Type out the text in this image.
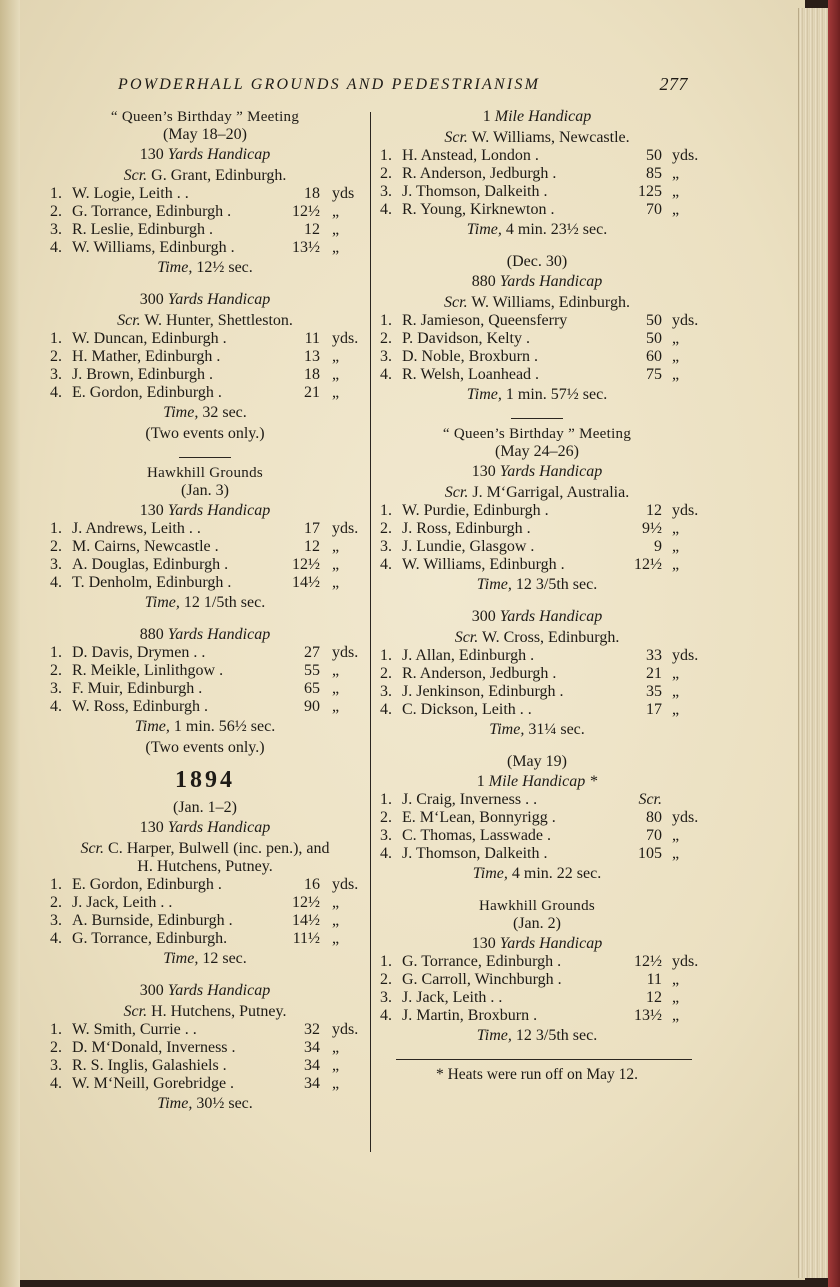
POWDERHALL GROUNDS AND PEDESTRIANISM	277
“ Queen’s Birthday ” Meeting
(May 18–20)
130 Yards Handicap
Scr. G. Grant, Edinburgh.
1. W. Logie, Leith . .	18 yds
2. G. Torrance, Edinburgh .	12½ „
3. R. Leslie, Edinburgh .	12 „
4. W. Williams, Edinburgh .	13½ „
Time, 12½ sec.
300 Yards Handicap
Scr. W. Hunter, Shettleston.
1. W. Duncan, Edinburgh .	11 yds.
2. H. Mather, Edinburgh .	13 „
3. J. Brown, Edinburgh .	18 „
4. E. Gordon, Edinburgh .	21 „
Time, 32 sec.
(Two events only.)
Hawkhill Grounds
(Jan. 3)
130 Yards Handicap
1. J. Andrews, Leith . .	17 yds.
2. M. Cairns, Newcastle .	12 „
3. A. Douglas, Edinburgh .	12½ „
4. T. Denholm, Edinburgh .	14½ „
Time, 12 1/5th sec.
880 Yards Handicap
1. D. Davis, Drymen . .	27 yds.
2. R. Meikle, Linlithgow .	55 „
3. F. Muir, Edinburgh .	65 „
4. W. Ross, Edinburgh .	90 „
Time, 1 min. 56½ sec.
(Two events only.)
1894
(Jan. 1–2)
130 Yards Handicap
Scr. C. Harper, Bulwell (inc. pen.), and
H. Hutchens, Putney.
1. E. Gordon, Edinburgh .	16 yds.
2. J. Jack, Leith . .	12½ „
3. A. Burnside, Edinburgh .	14½ „
4. G. Torrance, Edinburgh.	11½ „
Time, 12 sec.
300 Yards Handicap
Scr. H. Hutchens, Putney.
1. W. Smith, Currie . .	32 yds.
2. D. M‘Donald, Inverness .	34 „
3. R. S. Inglis, Galashiels .	34 „
4. W. M‘Neill, Gorebridge .	34 „
Time, 30½ sec.
1 Mile Handicap
Scr. W. Williams, Newcastle.
1. H. Anstead, London .	50 yds.
2. R. Anderson, Jedburgh .	85 „
3. J. Thomson, Dalkeith .	125 „
4. R. Young, Kirknewton .	70 „
Time, 4 min. 23½ sec.
(Dec. 30)
880 Yards Handicap
Scr. W. Williams, Edinburgh.
1. R. Jamieson, Queensferry	50 yds.
2. P. Davidson, Kelty .	50 „
3. D. Noble, Broxburn .	60 „
4. R. Welsh, Loanhead .	75 „
Time, 1 min. 57½ sec.
“ Queen’s Birthday ” Meeting
(May 24–26)
130 Yards Handicap
Scr. J. M‘Garrigal, Australia.
1. W. Purdie, Edinburgh .	12 yds.
2. J. Ross, Edinburgh .	9½ „
3. J. Lundie, Glasgow .	9 „
4. W. Williams, Edinburgh .	12½ „
Time, 12 3/5th sec.
300 Yards Handicap
Scr. W. Cross, Edinburgh.
1. J. Allan, Edinburgh .	33 yds.
2. R. Anderson, Jedburgh .	21 „
3. J. Jenkinson, Edinburgh .	35 „
4. C. Dickson, Leith . .	17 „
Time, 31¼ sec.
(May 19)
1 Mile Handicap *
1. J. Craig, Inverness . .	Scr.
2. E. M‘Lean, Bonnyrigg .	80 yds.
3. C. Thomas, Lasswade .	70 „
4. J. Thomson, Dalkeith .	105 „
Time, 4 min. 22 sec.
Hawkhill Grounds
(Jan. 2)
130 Yards Handicap
1. G. Torrance, Edinburgh .	12½ yds.
2. G. Carroll, Winchburgh .	11 „
3. J. Jack, Leith . .	12 „
4. J. Martin, Broxburn .	13½ „
Time, 12 3/5th sec.
* Heats were run off on May 12.
